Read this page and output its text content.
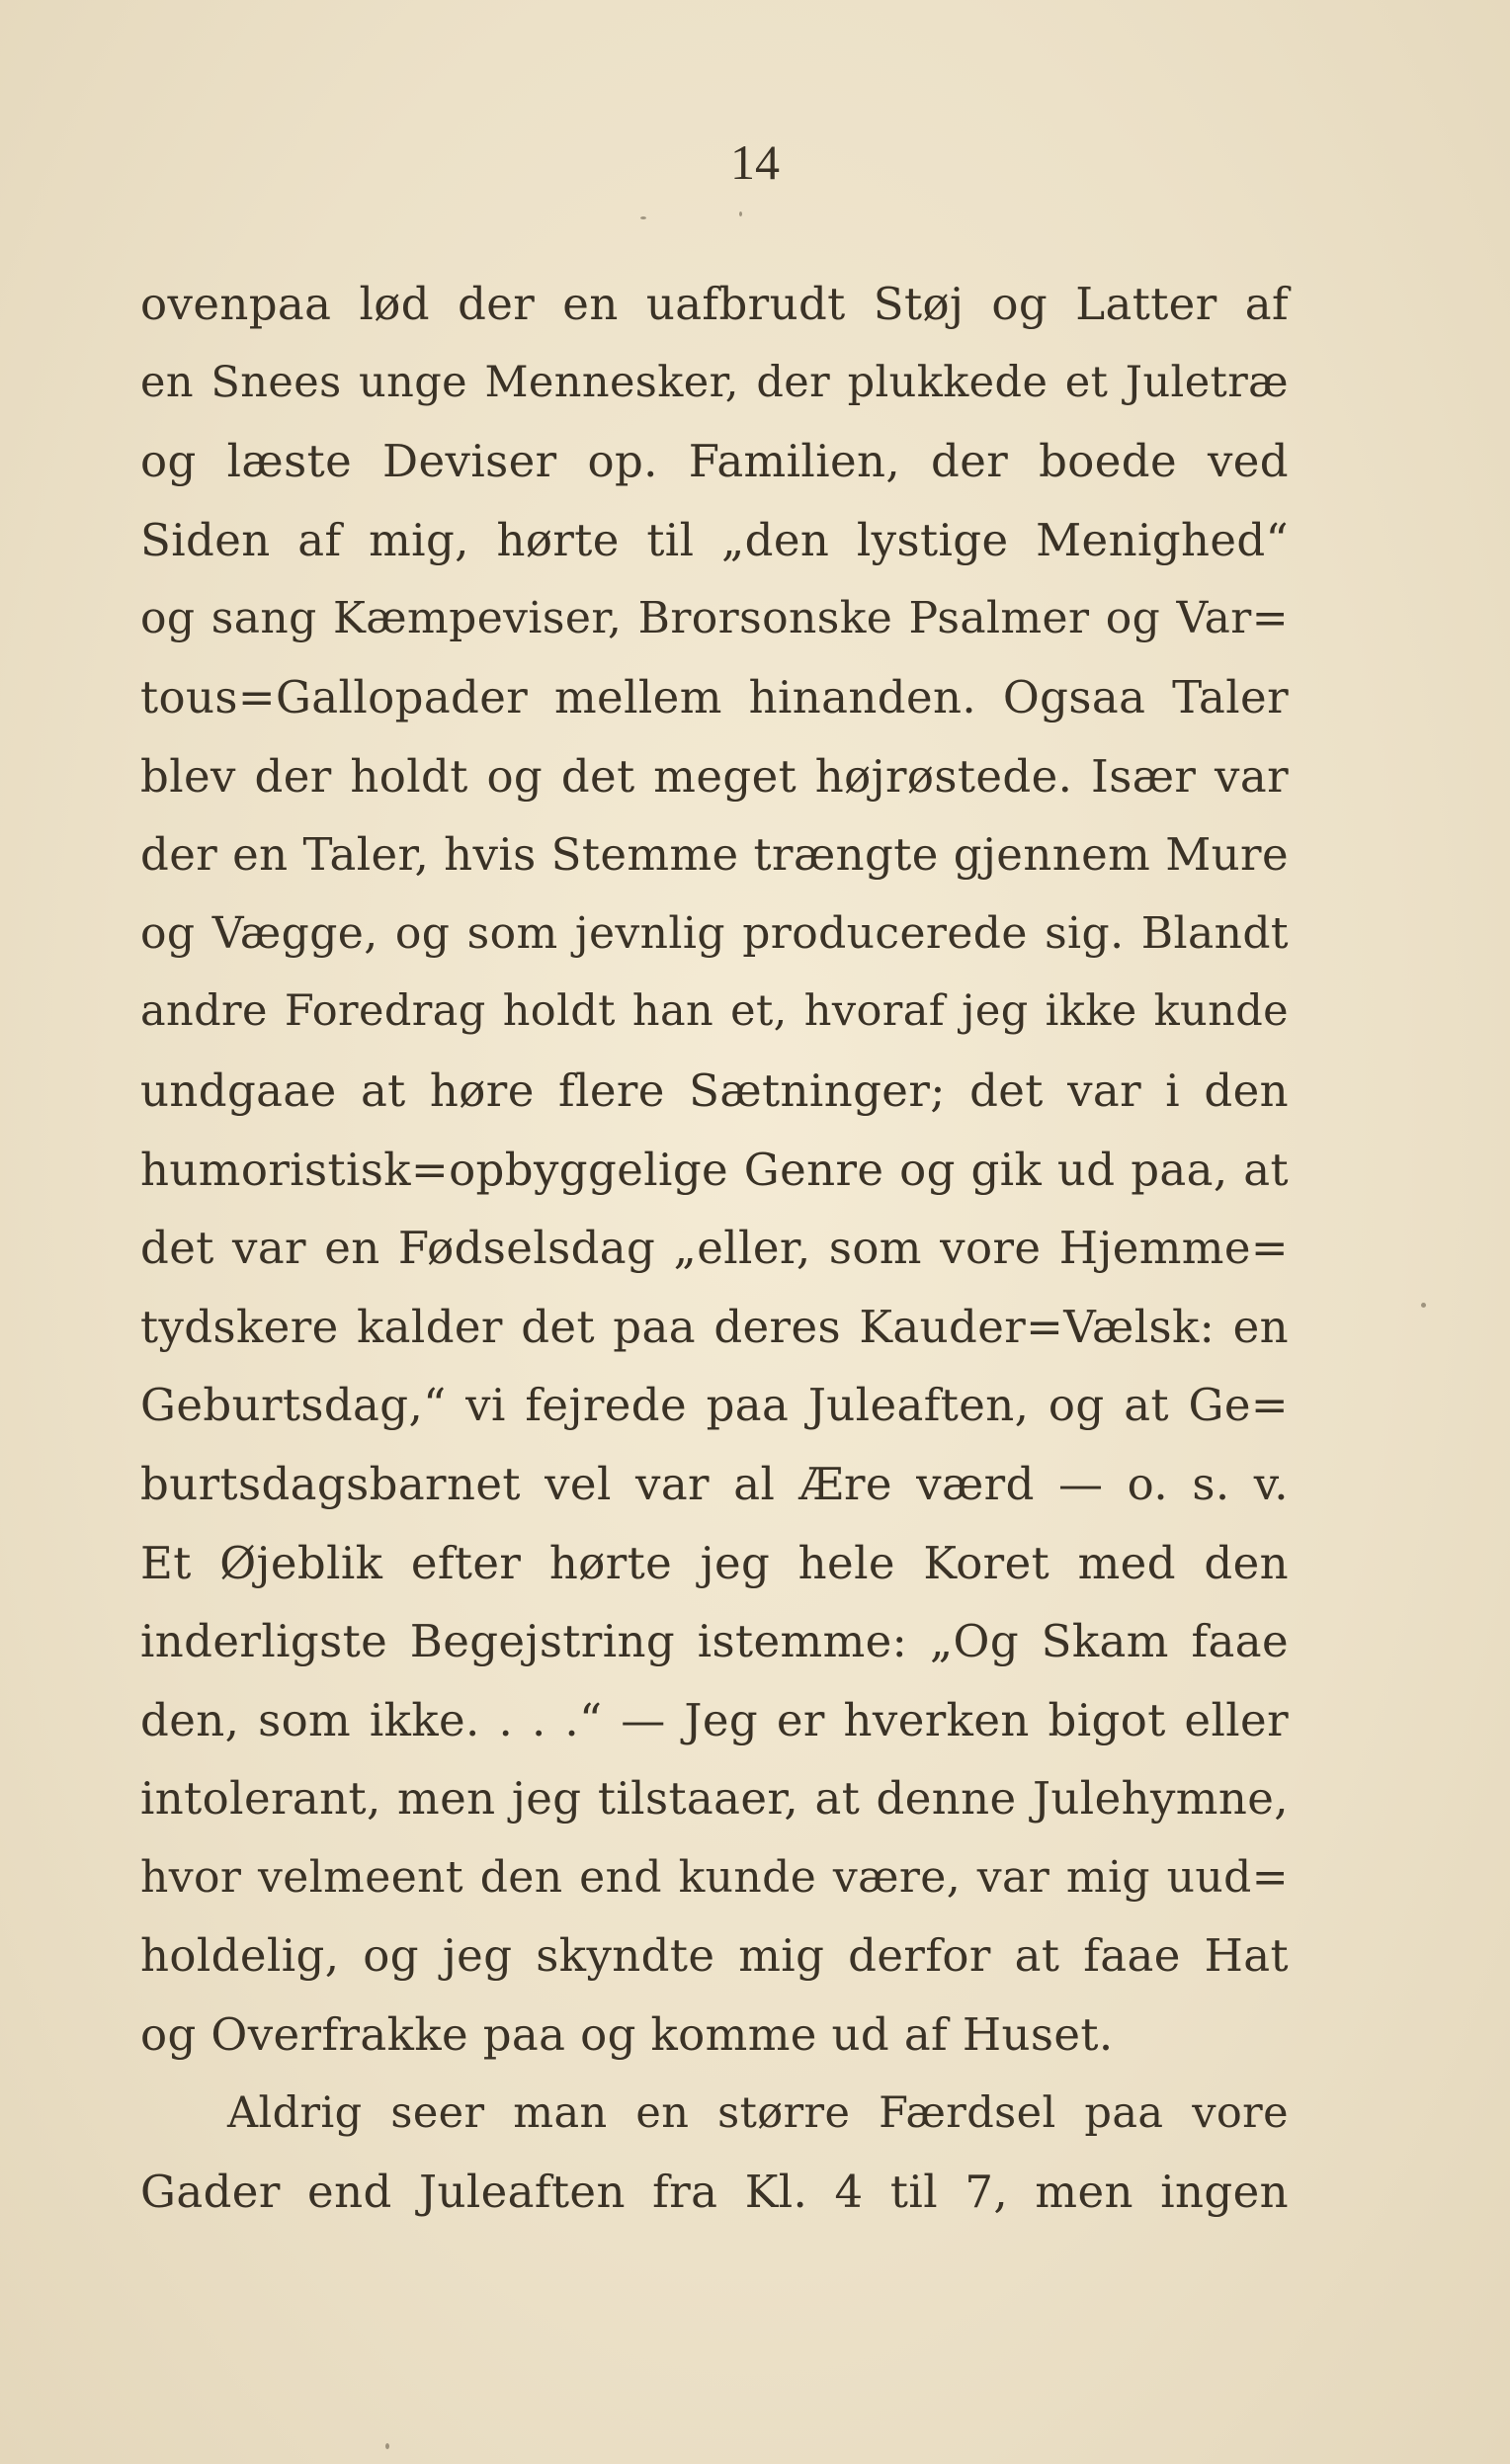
14
ovenpaa lød der en uafbrudt Støj og Latter af
en Snees unge Mennesker, der plukkede et Juletræ
og læste Deviser op. Familien, der boede ved
Siden af mig, hørte til „den lystige Menighed“
og sang Kæmpeviser, Brorsonske Psalmer og Var=
tous=Gallopader mellem hinanden. Ogsaa Taler
blev der holdt og det meget højrøstede. Især var
der en Taler, hvis Stemme trængte gjennem Mure
og Vægge, og som jevnlig producerede sig. Blandt
andre Foredrag holdt han et, hvoraf jeg ikke kunde
undgaae at høre flere Sætninger; det var i den
humoristisk=opbyggelige Genre og gik ud paa, at
det var en Fødselsdag „eller, som vore Hjemme=
tydskere kalder det paa deres Kauder=Vælsk: en
Geburtsdag,“ vi fejrede paa Juleaften, og at Ge=
burtsdagsbarnet vel var al Ære værd — o. s. v.
Et Øjeblik efter hørte jeg hele Koret med den
inderligste Begejstring istemme: „Og Skam faae
den, som ikke. . . .“ — Jeg er hverken bigot eller
intolerant, men jeg tilstaaer, at denne Julehymne,
hvor velmeent den end kunde være, var mig uud=
holdelig, og jeg skyndte mig derfor at faae Hat
og Overfrakke paa og komme ud af Huset.
Aldrig seer man en større Færdsel paa vore
Gader end Juleaften fra Kl. 4 til 7, men ingen
